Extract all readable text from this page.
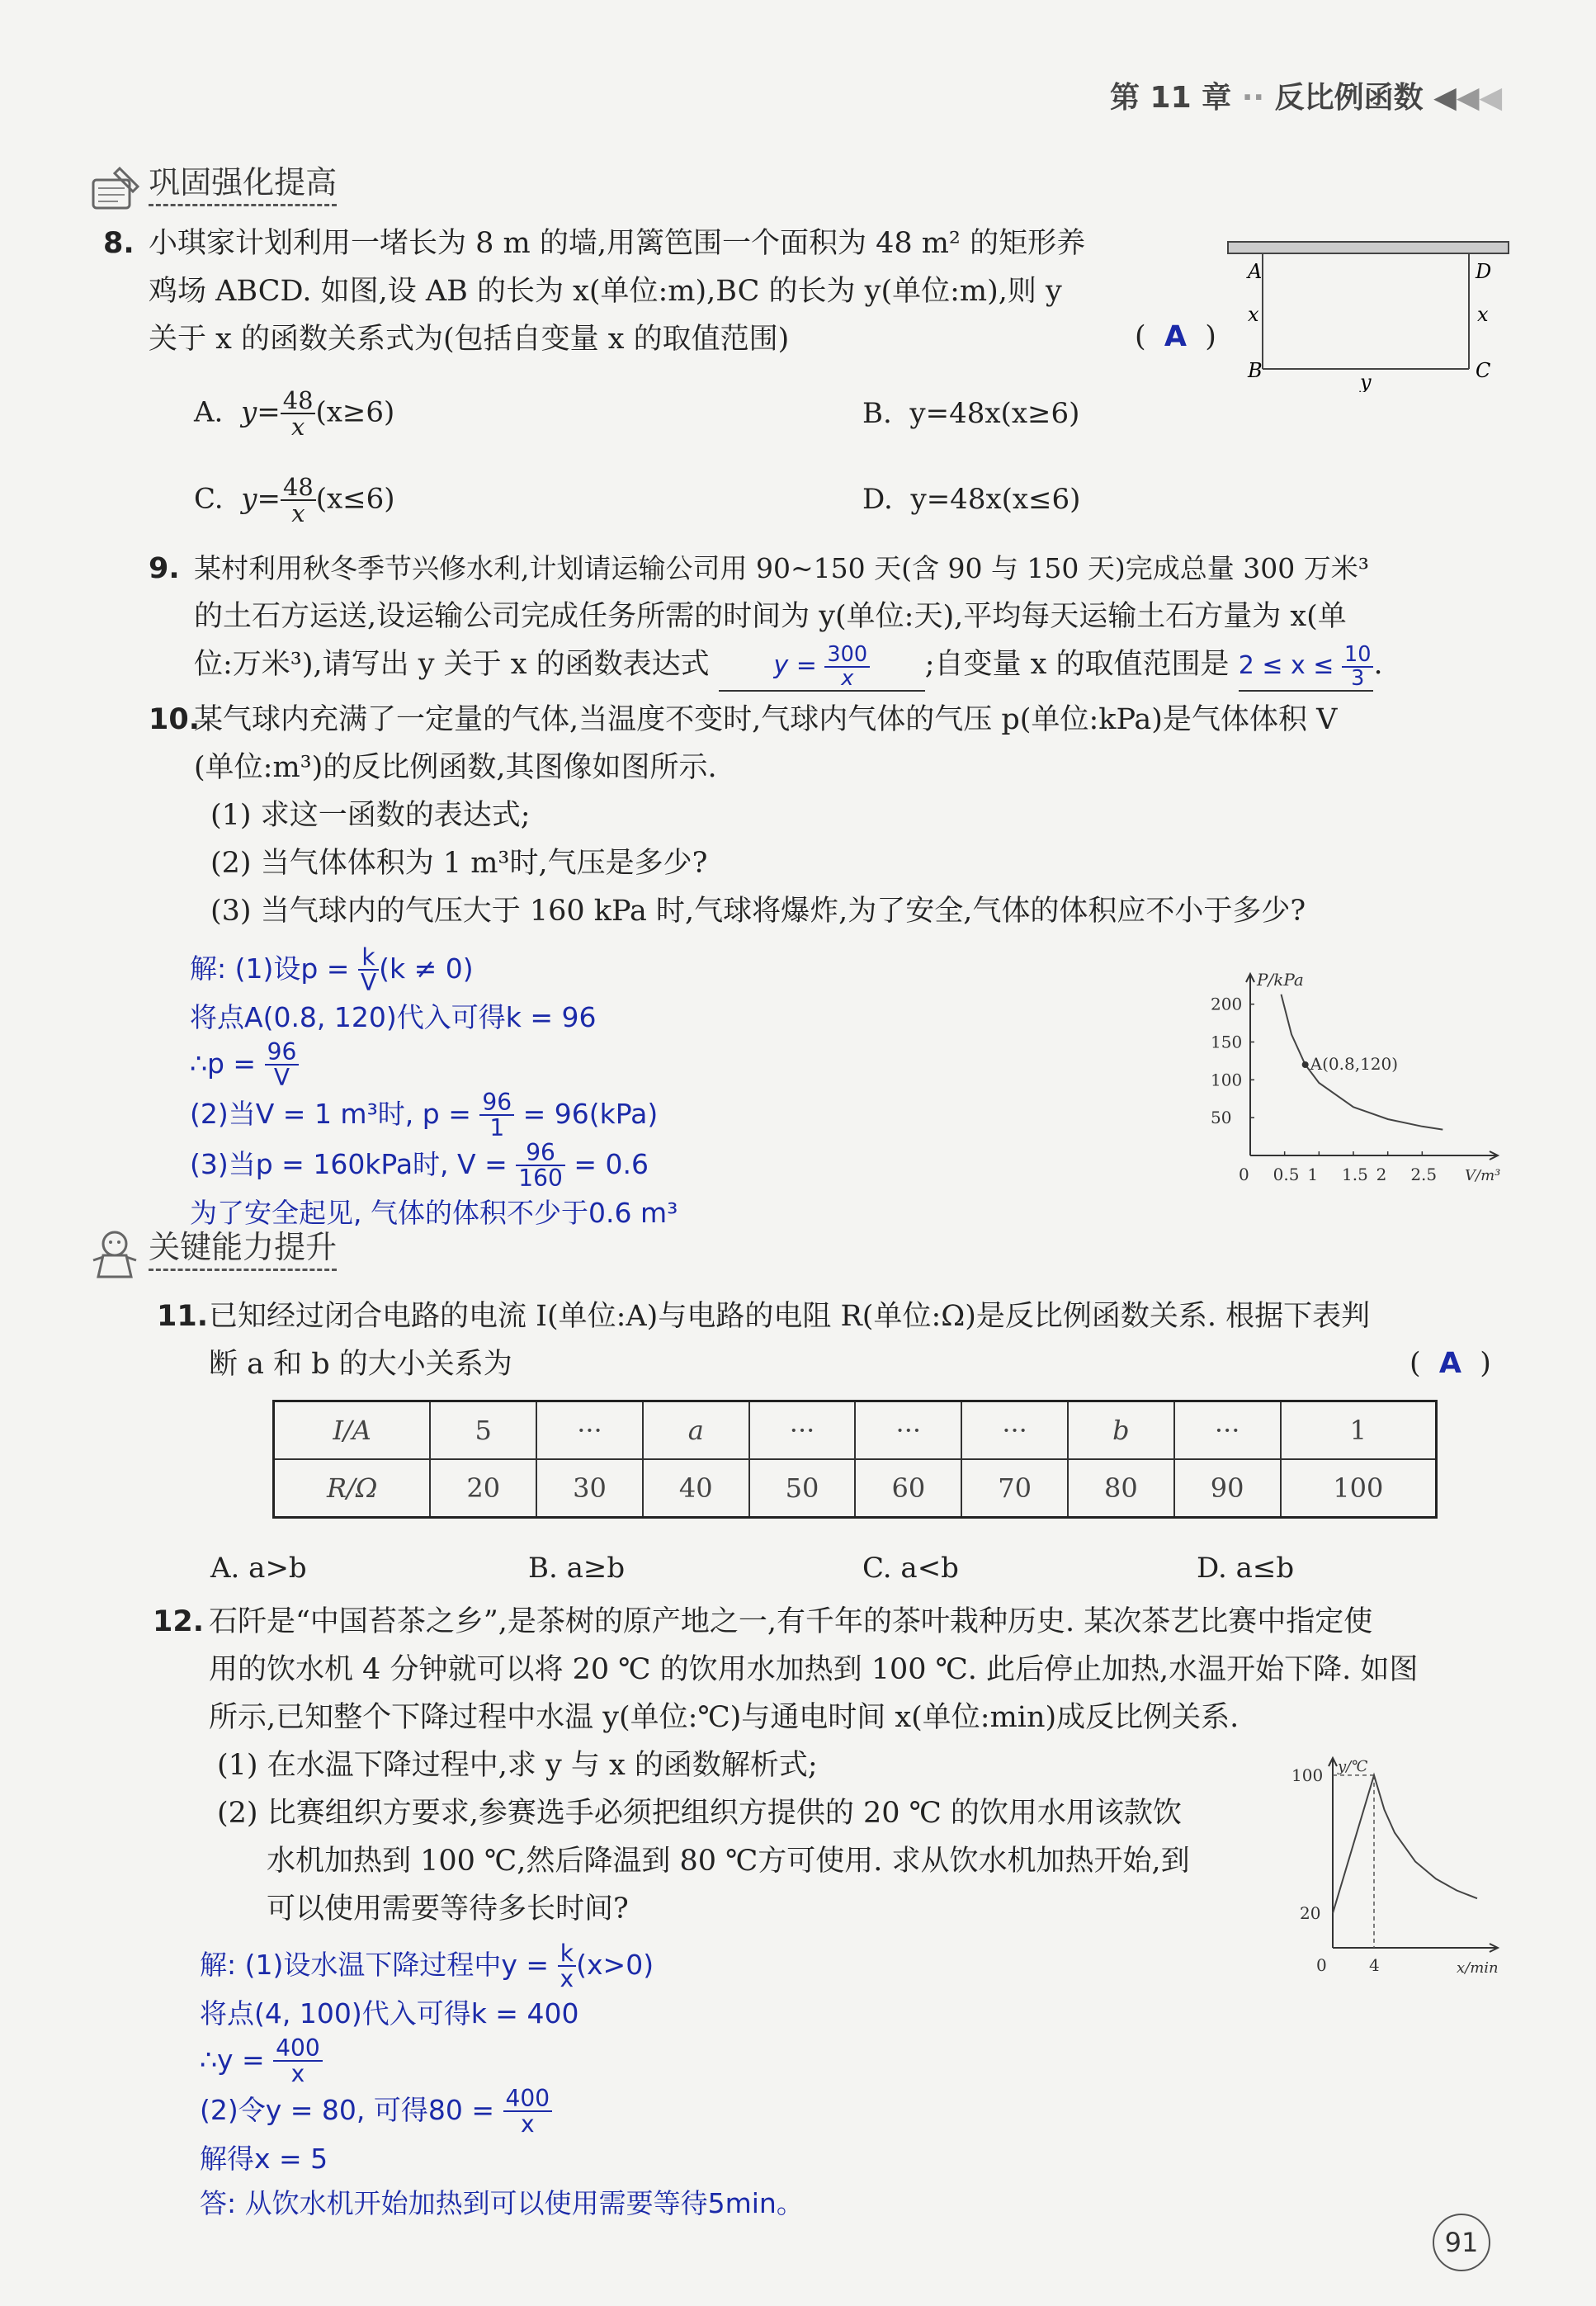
第 11 章 ·· 反比例函数 ◀◀◀
巩固强化提高
8. 小琪家计划利用一堵长为 8 m 的墙,用篱笆围一个面积为 48 m² 的矩形养
鸡场 ABCD. 如图,设 AB 的长为 x(单位:m),BC 的长为 y(单位:m),则 y
关于 x 的函数关系式为(包括自变量 x 的取值范围)	(  A  )
A	D
B	C
x	x
y
A. $y= \frac{48}{x} (x\ge 6)$	B. y=48x(x≥6)
C. $y= \frac{48}{x} (x\le 6)$	D. y=48x(x≤6)
9. 某村利用秋冬季节兴修水利,计划请运输公司用 90~150 天(含 90 与 150 天)完成总量 300 万米³
的土石方运送,设运输公司完成任务所需的时间为 y(单位:天),平均每天运输土石方量为 x(单
位:万米³),请写出 y 关于 x 的函数表达式	$y = \frac{300}{x}$ ;自变量 x 的取值范围是 $2 \le x \le \frac{10}{3}$ .
10.
某气球内充满了一定量的气体,当温度不变时,气球内气体的气压 p(单位:kPa)是气体体积 V
(单位:m³)的反比例函数,其图像如图所示.
(1) 求这一函数的表达式;
(2) 当气体体积为 1 m³时,气压是多少?
(3) 当气球内的气压大于 160 kPa 时,气球将爆炸,为了安全,气体的体积应不小于多少?
解: (1)设$p = \frac{k}{V} (k \ne 0)$
将点A(0.8, 120)代入可得k = 96
∴p = $\frac{96}{V}$
(2)当V = 1 m³时, $p = \frac{96}{1} = 96(kPa)$
(3)当p = 160kPa时, $V = \frac{96}{160} = 0.6$
为了安全起见, 气体的体积不少于0.6 m³
0 0.5 1 1.5 2 2.5
50
100
150
200
P/kPa
V/m³
A(0.8,120)
关键能力提升
11. 已知经过闭合电路的电流 I(单位:A)与电路的电阻 R(单位:Ω)是反比例函数关系. 根据下表判
断 a 和 b 的大小关系为	(  A  )
I/A	5	···	a	···	···	···	b	···	1
R/Ω	20	30	40	50	60	70	80	90	100
A. a>b	B. a≥b	C. a<b	D. a≤b
12. 石阡是“中国苔茶之乡”,是茶树的原产地之一,有千年的茶叶栽种历史. 某次茶艺比赛中指定使
用的饮水机 4 分钟就可以将 20 ℃ 的饮用水加热到 100 ℃. 此后停止加热,水温开始下降. 如图
所示,已知整个下降过程中水温 y(单位:℃)与通电时间 x(单位:min)成反比例关系.
(1) 在水温下降过程中,求 y 与 x 的函数解析式;
(2) 比赛组织方要求,参赛选手必须把组织方提供的 20 ℃ 的饮用水用该款饮
水机加热到 100 ℃,然后降温到 80 ℃方可使用. 求从饮水机加热开始,到
可以使用需要等待多长时间?
解: (1)设水温下降过程中$y = \frac{k}{x} (x>0)$
将点(4, 100)代入可得k = 400
∴y = $\frac{400}{x}$
(2)令y = 80, 可得$80 = \frac{400}{x}$
解得x = 5
答: 从饮水机开始加热到可以使用需要等待5min。
0	4
20
100 y/℃
x/min
91
